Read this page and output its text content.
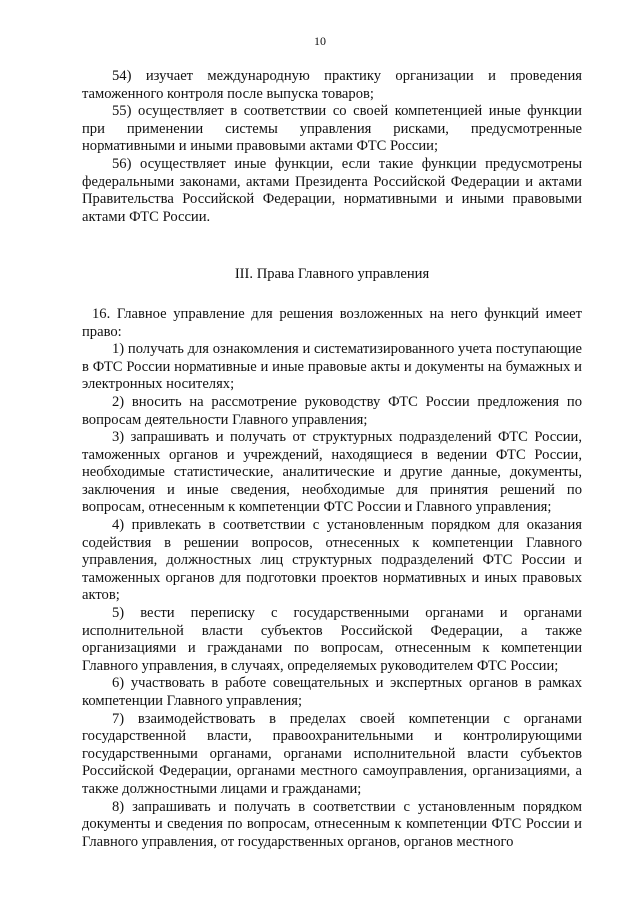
10

54) изучает международную практику организации и проведения таможенного контроля после выпуска товаров;

55) осуществляет в соответствии со своей компетенцией иные функции при применении системы управления рисками, предусмотренные нормативными и иными правовыми актами ФТС России;

56) осуществляет иные функции, если такие функции предусмотрены федеральными законами, актами Президента Российской Федерации и актами Правительства Российской Федерации, нормативными и иными правовыми актами ФТС России.

III. Права Главного управления

16. Главное управление для решения возложенных на него функций имеет право:

1) получать для ознакомления и систематизированного учета поступающие в ФТС России нормативные и иные правовые акты и документы на бумажных и электронных носителях;

2) вносить на рассмотрение руководству ФТС России предложения по вопросам деятельности Главного управления;

3) запрашивать и получать от структурных подразделений ФТС России, таможенных органов и учреждений, находящиеся в ведении ФТС России, необходимые статистические, аналитические и другие данные, документы, заключения и иные сведения, необходимые для принятия решений по вопросам, отнесенным к компетенции ФТС России и Главного управления;

4) привлекать в соответствии с установленным порядком для оказания содействия в решении вопросов, отнесенных к компетенции Главного управления, должностных лиц структурных подразделений ФТС России и таможенных органов для подготовки проектов нормативных и иных правовых актов;

5) вести переписку с государственными органами и органами исполнительной власти субъектов Российской Федерации, а также организациями и гражданами по вопросам, отнесенным к компетенции Главного управления, в случаях, определяемых руководителем ФТС России;

6) участвовать в работе совещательных и экспертных органов в рамках компетенции Главного управления;

7) взаимодействовать в пределах своей компетенции с органами государственной власти, правоохранительными и контролирующими государственными органами, органами исполнительной власти субъектов Российской Федерации, органами местного самоуправления, организациями, а также должностными лицами и гражданами;

8) запрашивать и получать в соответствии с установленным порядком документы и сведения по вопросам, отнесенным к компетенции ФТС России и Главного управления, от государственных органов, органов местного
